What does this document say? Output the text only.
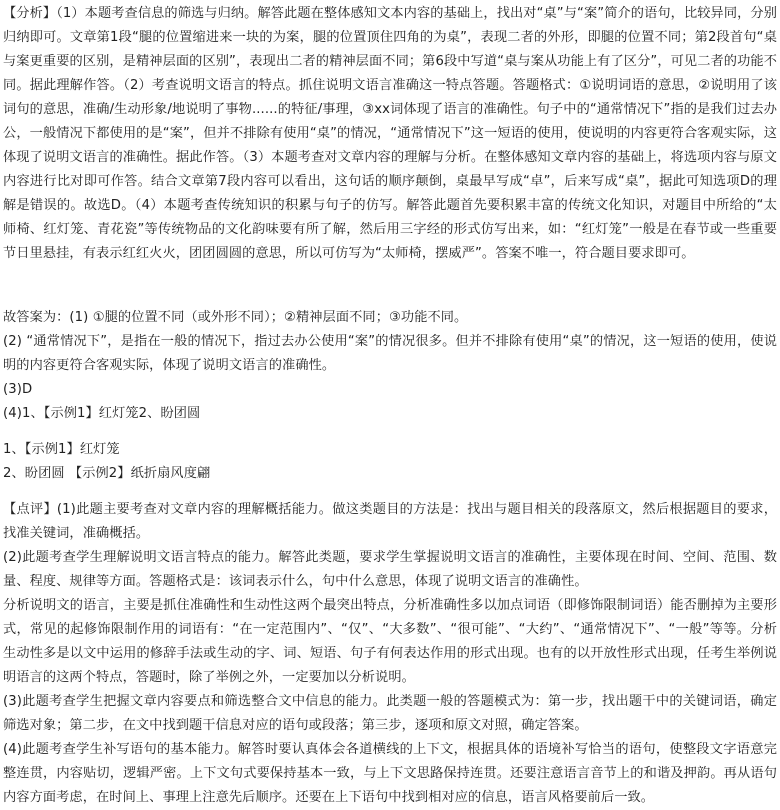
【分析】（1）本题考查信息的筛选与归纳。解答此题在整体感知文本内容的基础上，找出对“桌”与“案”简介的语句，比较异同，分别归纳即可。文章第1段“腿的位置缩进来一块的为案，腿的位置顶住四角的为桌”，表现二者的外形，即腿的位置不同；第2段首句“桌与案更重要的区别，是精神层面的区别”，表现出二者的精神层面不同；第6段中写道“桌与案从功能上有了区分”，可见二者的功能不同。据此理解作答。（2）考查说明文语言的特点。抓住说明文语言准确这一特点答题。答题格式：①说明词语的意思，②说明用了该词句的意思，准确/生动形象/地说明了事物......的特征/事理，③xx词体现了语言的准确性。句子中的“通常情况下”指的是我们过去办公，一般情况下都使用的是“案”，但并不排除有使用“桌”的情况，“通常情况下”这一短语的使用，使说明的内容更符合客观实际，这体现了说明文语言的准确性。据此作答。（3）本题考查对文章内容的理解与分析。在整体感知文章内容的基础上，将选项内容与原文内容进行比对即可作答。结合文章第7段内容可以看出，这句话的顺序颠倒，桌最早写成“卓”，后来写成“桌”，据此可知选项D的理解是错误的。故选D。（4）本题考查传统知识的积累与句子的仿写。解答此题首先要积累丰富的传统文化知识，对题目中所给的“太师椅、红灯笼、青花瓷”等传统物品的文化韵味要有所了解，然后用三字经的形式仿写出来，如：“红灯笼”一般是在春节或一些重要节日里悬挂，有表示红红火火，团团圆圆的意思，所以可仿写为“太师椅，摆威严”。答案不唯一，符合题目要求即可。

故答案为：(1) ①腿的位置不同（或外形不同）；②精神层面不同；③功能不同。

(2) “通常情况下”，是指在一般的情况下，指过去办公使用“案”的情况很多。但并不排除有使用“桌”的情况，这一短语的使用，使说明的内容更符合客观实际，体现了说明文语言的准确性。

(3)D

(4)1、【示例1】红灯笼2、盼团圆

1、【示例1】红灯笼

2、盼团圆 【示例2】纸折扇风度翩

【点评】(1)此题主要考查对文章内容的理解概括能力。做这类题目的方法是：找出与题目相关的段落原文，然后根据题目的要求，找准关键词，准确概括。

(2)此题考查学生理解说明文语言特点的能力。解答此类题，要求学生掌握说明文语言的准确性，主要体现在时间、空间、范围、数量、程度、规律等方面。答题格式是：该词表示什么，句中什么意思，体现了说明文语言的准确性。

分析说明文的语言，主要是抓住准确性和生动性这两个最突出特点，分析准确性多以加点词语（即修饰限制词语）能否删掉为主要形式，常见的起修饰限制作用的词语有：“在一定范围内”、“仅”、“大多数”、“很可能”、“大约”、“通常情况下”、“一般”等等。分析生动性多是以文中运用的修辞手法或生动的字、词、短语、句子有何表达作用的形式出现。也有的以开放性形式出现，任考生举例说明语言的这两个特点，答题时，除了举例之外，一定要加以分析说明。

(3)此题考查学生把握文章内容要点和筛选整合文中信息的能力。此类题一般的答题模式为：第一步，找出题干中的关键词语，确定筛选对象；第二步，在文中找到题干信息对应的语句或段落；第三步，逐项和原文对照，确定答案。

(4)此题考查学生补写语句的基本能力。解答时要认真体会各道横线的上下文，根据具体的语境补写恰当的语句，使整段文字语意完整连贯，内容贴切，逻辑严密。上下文句式要保持基本一致，与上下文思路保持连贯。还要注意语言音节上的和谐及押韵。再从语句内容方面考虑，在时间上、事理上注意先后顺序。还要在上下语句中找到相对应的信息，语言风格要前后一致。
